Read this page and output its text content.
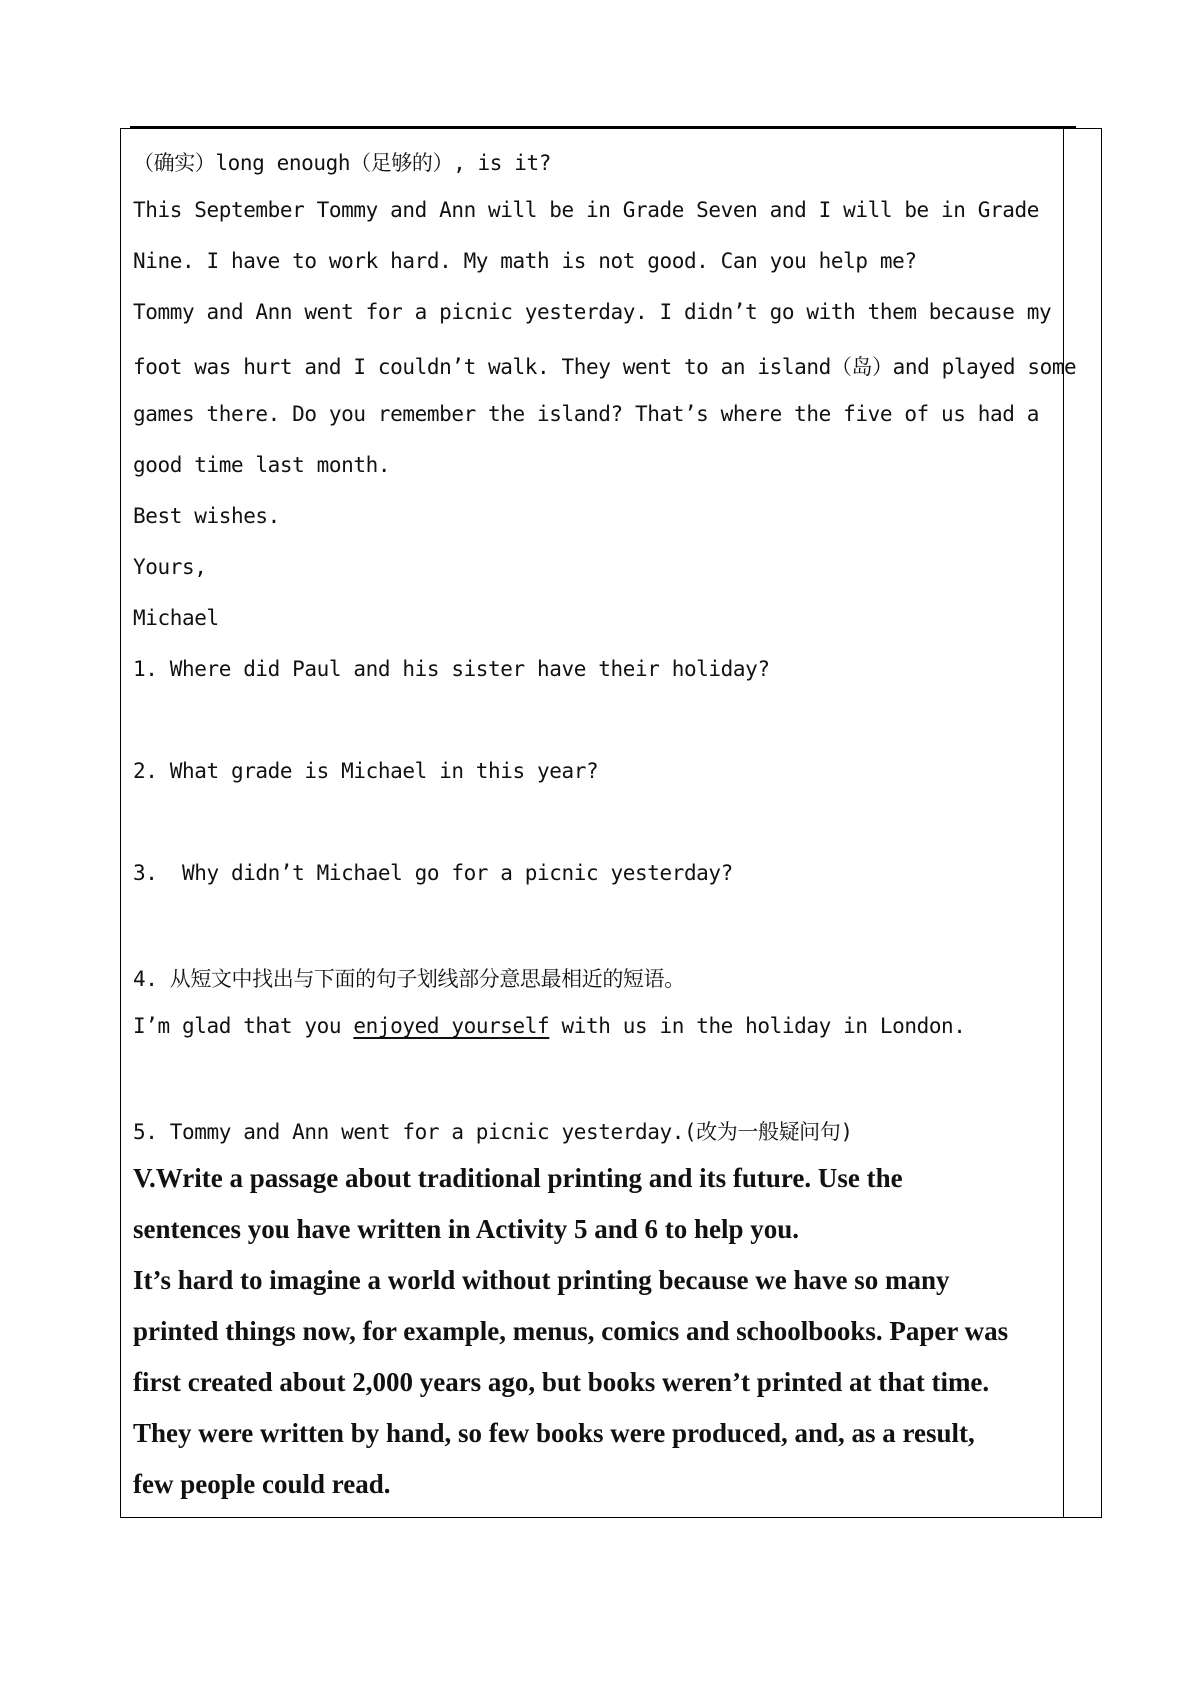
（确实）long enough（足够的）, is it?
This September Tommy and Ann will be in Grade Seven and I will be in Grade
Nine. I have to work hard. My math is not good. Can you help me?
Tommy and Ann went for a picnic yesterday. I didn’t go with them because my
foot was hurt and I couldn’t walk. They went to an island（岛）and played some
games there. Do you remember the island? That’s where the five of us had a
good time last month.
Best wishes.
Yours,
Michael
1. Where did Paul and his sister have their holiday?
2. What grade is Michael in this year?
3.  Why didn’t Michael go for a picnic yesterday?
4. 从短文中找出与下面的句子划线部分意思最相近的短语。
I’m glad that you enjoyed yourself with us in the holiday in London.
5. Tommy and Ann went for a picnic yesterday.(改为一般疑问句)
V.Write a passage about traditional printing and its future. Use the
sentences you have written in Activity 5 and 6 to help you.
It’s hard to imagine a world without printing because we have so many
printed things now, for example, menus, comics and schoolbooks. Paper was
first created about 2,000 years ago, but books weren’t printed at that time.
They were written by hand, so few books were produced, and, as a result,
few people could read.
